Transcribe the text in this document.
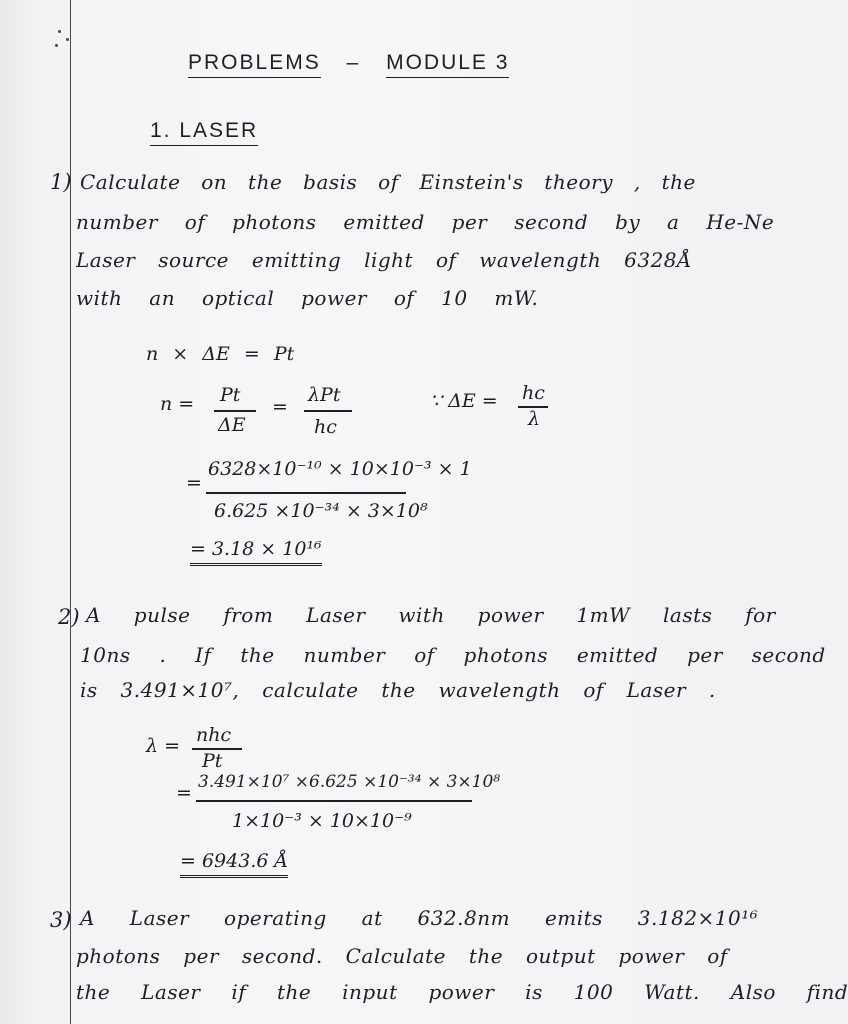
PROBLEMS – MODULE 3
1. LASER
1) Calculate on the basis of Einstein's theory , the
number of photons emitted per second by a He-Ne
Laser source emitting light of wavelength 6328Å
with an optical power of 10 mW.
n × ΔE = Pt
n = Pt
ΔE
=
λPt
hc
∵ ΔE = hc
λ
=
6328×10⁻¹⁰ × 10×10⁻³ × 1
6.625 ×10⁻³⁴ × 3×10⁸
= 3.18 × 10¹⁶
2) A pulse from Laser with power 1mW lasts for
10ns . If the number of photons emitted per second
is 3.491×10⁷, calculate the wavelength of Laser .
λ = nhc
Pt
= 3.491×10⁷ ×6.625 ×10⁻³⁴ × 3×10⁸
1×10⁻³ × 10×10⁻⁹
= 6943.6 Å
3) A Laser operating at 632.8nm emits 3.182×10¹⁶
photons per second. Calculate the output power of
the Laser if the input power is 100 Watt. Also find
